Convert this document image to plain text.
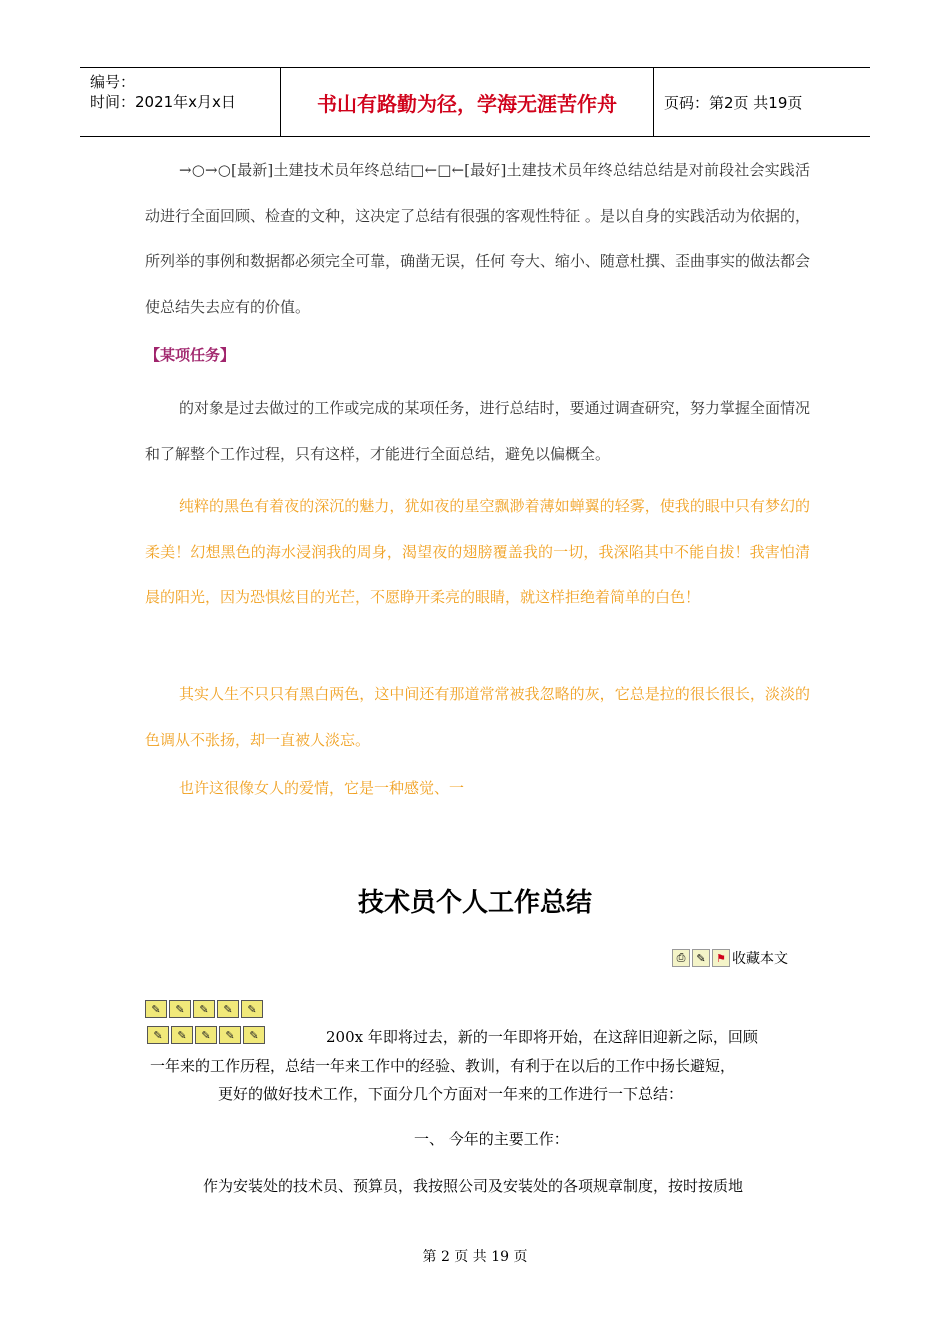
编号：
时间：2021年x月x日	书山有路勤为径，学海无涯苦作舟	页码：第2页 共19页
→○→○[最新]土建技术员年终总结□←□←[最好]土建技术员年终总结总结是对前段社会实践活动进行全面回顾、检查的文种，这决定了总结有很强的客观性特征 。是以自身的实践活动为依据的，所列举的事例和数据都必须完全可靠，确凿无误，任何 夸大、缩小、随意杜撰、歪曲事实的做法都会使总结失去应有的价值。
【某项任务】
的对象是过去做过的工作或完成的某项任务，进行总结时，要通过调查研究，努力掌握全面情况和了解整个工作过程，只有这样，才能进行全面总结，避免以偏概全。
纯粹的黑色有着夜的深沉的魅力，犹如夜的星空飘渺着薄如蝉翼的轻雾，使我的眼中只有梦幻的柔美！幻想黑色的海水浸润我的周身，渴望夜的翅膀覆盖我的一切，我深陷其中不能自拔！我害怕清晨的阳光，因为恐惧炫目的光芒，不愿睁开柔亮的眼睛，就这样拒绝着简单的白色！
其实人生不只只有黑白两色，这中间还有那道常常被我忽略的灰，它总是拉的很长很长，淡淡的色调从不张扬，却一直被人淡忘。
也许这很像女人的爱情，它是一种感觉、一
技术员个人工作总结
⎙ ✎ ⚑ 收藏本文
✎	✎	✎	✎	✎
✎	✎	✎	✎	✎	200x 年即将过去，新的一年即将开始，在这辞旧迎新之际，回顾
一年来的工作历程，总结一年来工作中的经验、教训，有利于在以后的工作中扬长避短，
更好的做好技术工作，下面分几个方面对一年来的工作进行一下总结：
一、 今年的主要工作：
作为安装处的技术员、预算员，我按照公司及安装处的各项规章制度，按时按质地
第 2 页 共 19 页
